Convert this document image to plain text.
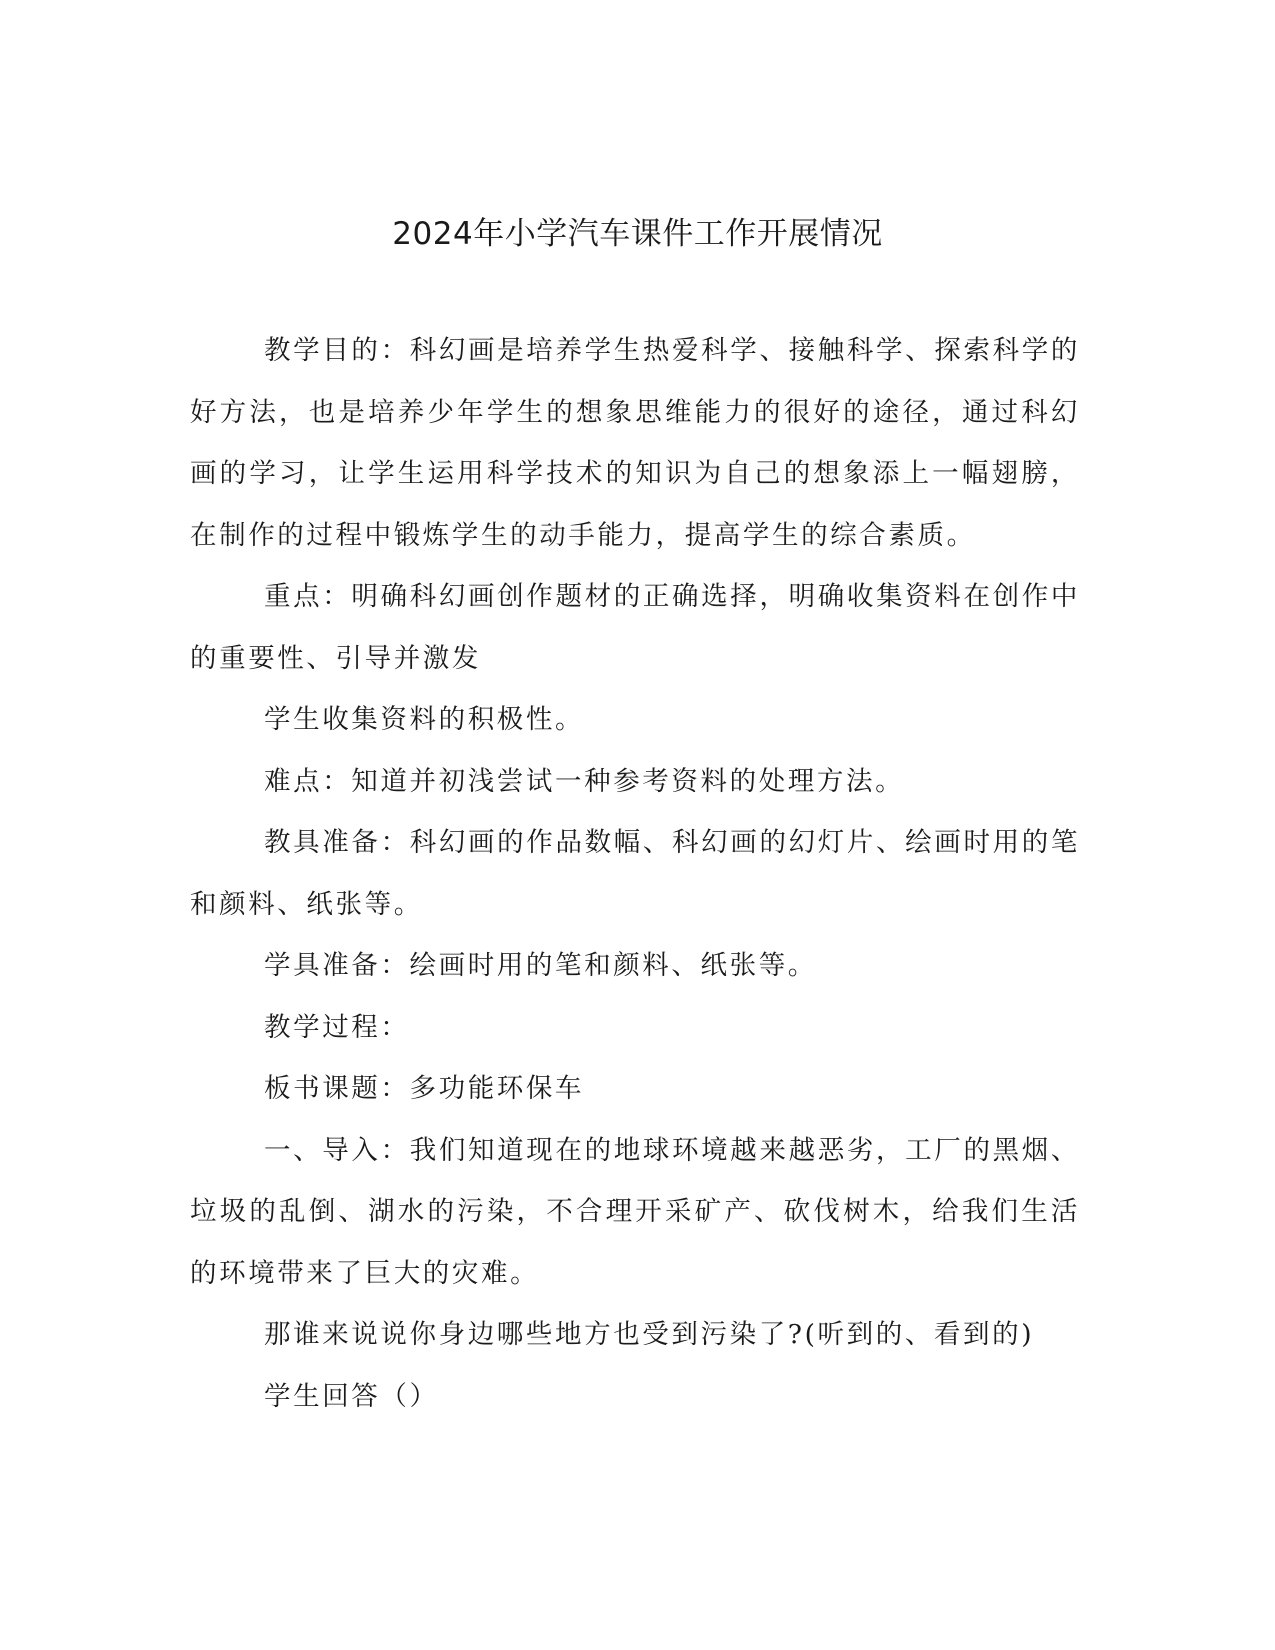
2024年小学汽车课件工作开展情况

教学目的：科幻画是培养学生热爱科学、接触科学、探索科学的好方法，也是培养少年学生的想象思维能力的很好的途径，通过科幻画的学习，让学生运用科学技术的知识为自己的想象添上一幅翅膀，在制作的过程中锻炼学生的动手能力，提高学生的综合素质。

重点：明确科幻画创作题材的正确选择，明确收集资料在创作中的重要性、引导并激发

学生收集资料的积极性。

难点：知道并初浅尝试一种参考资料的处理方法。

教具准备：科幻画的作品数幅、科幻画的幻灯片、绘画时用的笔和颜料、纸张等。

学具准备：绘画时用的笔和颜料、纸张等。

教学过程：

板书课题：多功能环保车

一、导入：我们知道现在的地球环境越来越恶劣，工厂的黑烟、垃圾的乱倒、湖水的污染，不合理开采矿产、砍伐树木，给我们生活的环境带来了巨大的灾难。

那谁来说说你身边哪些地方也受到污染了?(听到的、看到的)

学生回答（）
